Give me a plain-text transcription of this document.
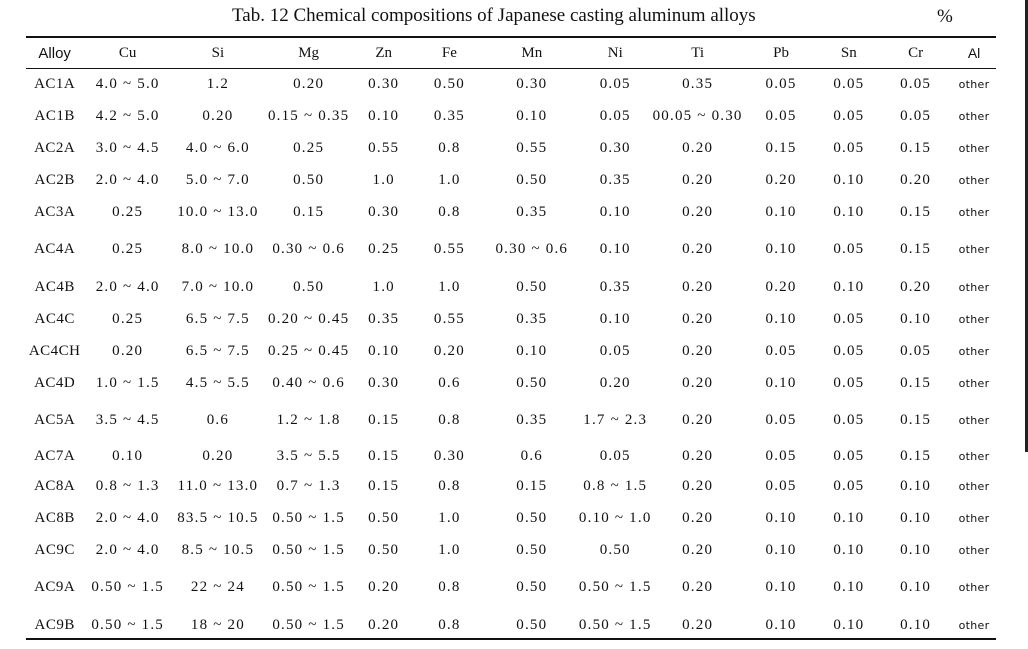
Tab. 12 Chemical compositions of Japanese casting aluminum alloys	%
Alloy	Cu	Si	Mg	Zn	Fe	Mn	Ni	Ti	Pb	Sn	Cr	Al
AC1A	4.0 ~ 5.0	1.2	0.20	0.30	0.50	0.30	0.05	0.35	0.05	0.05	0.05	other
AC1B	4.2 ~ 5.0	0.20	0.15 ~ 0.35	0.10	0.35	0.10	0.05	00.05 ~ 0.30	0.05	0.05	0.05	other
AC2A	3.0 ~ 4.5	4.0 ~ 6.0	0.25	0.55	0.8	0.55	0.30	0.20	0.15	0.05	0.15	other
AC2B	2.0 ~ 4.0	5.0 ~ 7.0	0.50	1.0	1.0	0.50	0.35	0.20	0.20	0.10	0.20	other
AC3A	0.25	10.0 ~ 13.0	0.15	0.30	0.8	0.35	0.10	0.20	0.10	0.10	0.15	other
AC4A	0.25	8.0 ~ 10.0	0.30 ~ 0.6	0.25	0.55	0.30 ~ 0.6	0.10	0.20	0.10	0.05	0.15	other
AC4B	2.0 ~ 4.0	7.0 ~ 10.0	0.50	1.0	1.0	0.50	0.35	0.20	0.20	0.10	0.20	other
AC4C	0.25	6.5 ~ 7.5	0.20 ~ 0.45	0.35	0.55	0.35	0.10	0.20	0.10	0.05	0.10	other
AC4CH	0.20	6.5 ~ 7.5	0.25 ~ 0.45	0.10	0.20	0.10	0.05	0.20	0.05	0.05	0.05	other
AC4D	1.0 ~ 1.5	4.5 ~ 5.5	0.40 ~ 0.6	0.30	0.6	0.50	0.20	0.20	0.10	0.05	0.15	other
AC5A	3.5 ~ 4.5	0.6	1.2 ~ 1.8	0.15	0.8	0.35	1.7 ~ 2.3	0.20	0.05	0.05	0.15	other
AC7A	0.10	0.20	3.5 ~ 5.5	0.15	0.30	0.6	0.05	0.20	0.05	0.05	0.15	other
AC8A	0.8 ~ 1.3	11.0 ~ 13.0	0.7 ~ 1.3	0.15	0.8	0.15	0.8 ~ 1.5	0.20	0.05	0.05	0.10	other
AC8B	2.0 ~ 4.0	83.5 ~ 10.5	0.50 ~ 1.5	0.50	1.0	0.50	0.10 ~ 1.0	0.20	0.10	0.10	0.10	other
AC9C	2.0 ~ 4.0	8.5 ~ 10.5	0.50 ~ 1.5	0.50	1.0	0.50	0.50	0.20	0.10	0.10	0.10	other
AC9A	0.50 ~ 1.5	22 ~ 24	0.50 ~ 1.5	0.20	0.8	0.50	0.50 ~ 1.5	0.20	0.10	0.10	0.10	other
AC9B	0.50 ~ 1.5	18 ~ 20	0.50 ~ 1.5	0.20	0.8	0.50	0.50 ~ 1.5	0.20	0.10	0.10	0.10	other
